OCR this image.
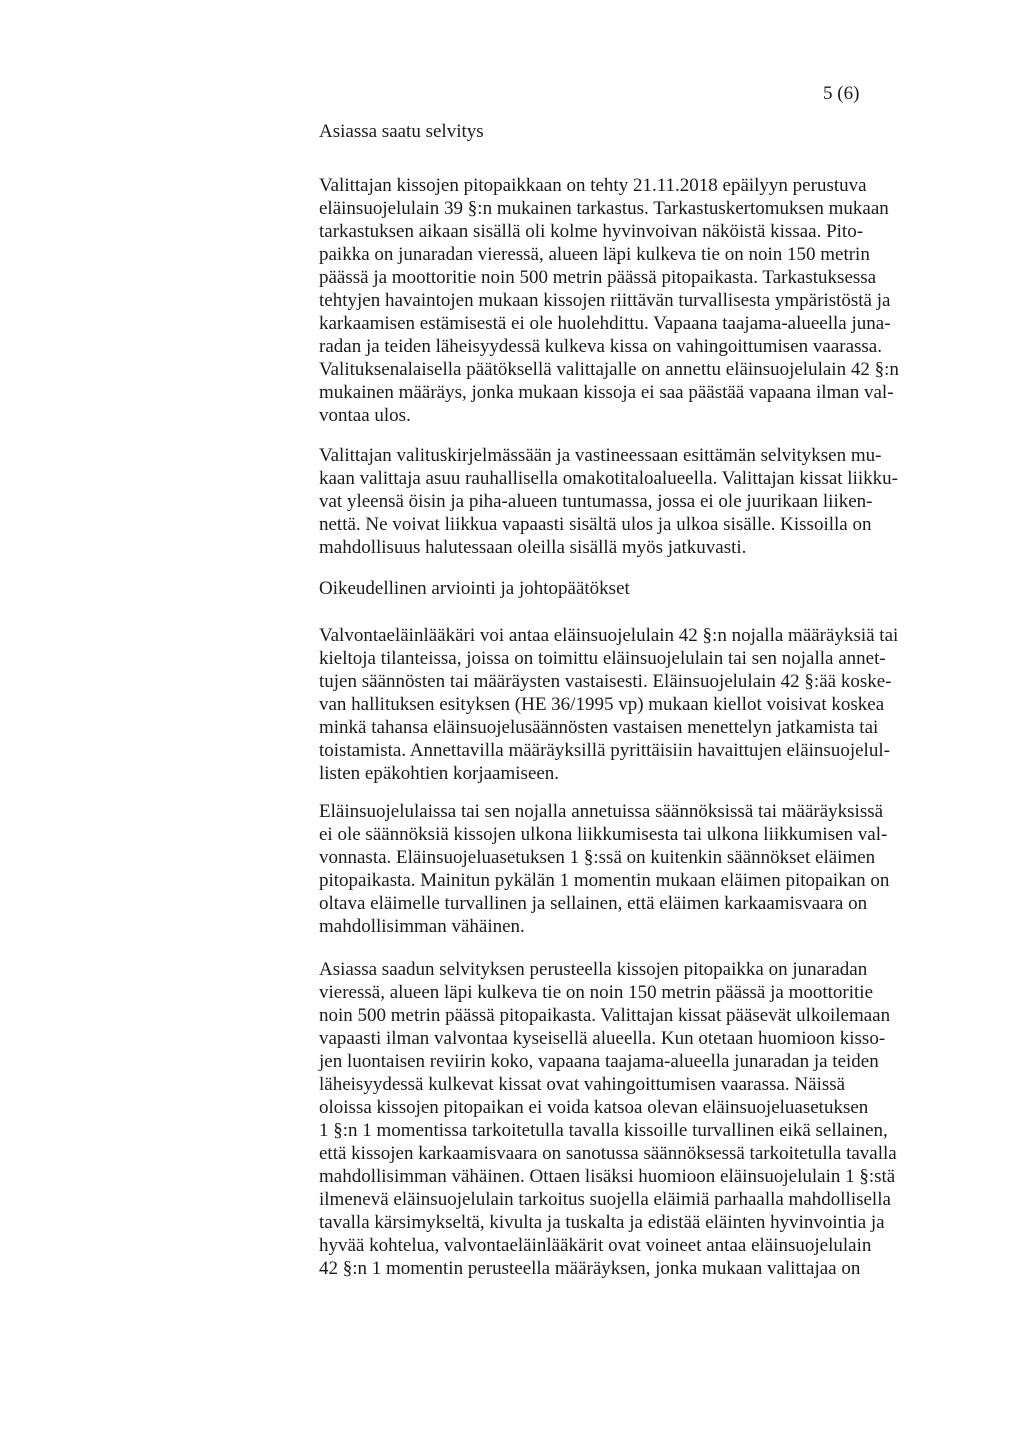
5 (6)
Asiassa saatu selvitys
Valittajan kissojen pitopaikkaan on tehty 21.11.2018 epäilyyn perustuva
eläinsuojelulain 39 §:n mukainen tarkastus. Tarkastuskertomuksen mukaan
tarkastuksen aikaan sisällä oli kolme hyvinvoivan näköistä kissaa. Pito-
paikka on junaradan vieressä, alueen läpi kulkeva tie on noin 150 metrin
päässä ja moottoritie noin 500 metrin päässä pitopaikasta. Tarkastuksessa
tehtyjen havaintojen mukaan kissojen riittävän turvallisesta ympäristöstä ja
karkaamisen estämisestä ei ole huolehdittu. Vapaana taajama-alueella juna-
radan ja teiden läheisyydessä kulkeva kissa on vahingoittumisen vaarassa.
Valituksenalaisella päätöksellä valittajalle on annettu eläinsuojelulain 42 §:n
mukainen määräys, jonka mukaan kissoja ei saa päästää vapaana ilman val-
vontaa ulos.
Valittajan valituskirjelmässään ja vastineessaan esittämän selvityksen mu-
kaan valittaja asuu rauhallisella omakotitaloalueella. Valittajan kissat liikku-
vat yleensä öisin ja piha-alueen tuntumassa, jossa ei ole juurikaan liiken-
nettä. Ne voivat liikkua vapaasti sisältä ulos ja ulkoa sisälle. Kissoilla on
mahdollisuus halutessaan oleilla sisällä myös jatkuvasti.
Oikeudellinen arviointi ja johtopäätökset
Valvontaeläinlääkäri voi antaa eläinsuojelulain 42 §:n nojalla määräyksiä tai
kieltoja tilanteissa, joissa on toimittu eläinsuojelulain tai sen nojalla annet-
tujen säännösten tai määräysten vastaisesti. Eläinsuojelulain 42 §:ää koske-
van hallituksen esityksen (HE 36/1995 vp) mukaan kiellot voisivat koskea
minkä tahansa eläinsuojelusäännösten vastaisen menettelyn jatkamista tai
toistamista. Annettavilla määräyksillä pyrittäisiin havaittujen eläinsuojelul-
listen epäkohtien korjaamiseen.
Eläinsuojelulaissa tai sen nojalla annetuissa säännöksissä tai määräyksissä
ei ole säännöksiä kissojen ulkona liikkumisesta tai ulkona liikkumisen val-
vonnasta. Eläinsuojeluasetuksen 1 §:ssä on kuitenkin säännökset eläimen
pitopaikasta. Mainitun pykälän 1 momentin mukaan eläimen pitopaikan on
oltava eläimelle turvallinen ja sellainen, että eläimen karkaamisvaara on
mahdollisimman vähäinen.
Asiassa saadun selvityksen perusteella kissojen pitopaikka on junaradan
vieressä, alueen läpi kulkeva tie on noin 150 metrin päässä ja moottoritie
noin 500 metrin päässä pitopaikasta. Valittajan kissat pääsevät ulkoilemaan
vapaasti ilman valvontaa kyseisellä alueella. Kun otetaan huomioon kisso-
jen luontaisen reviirin koko, vapaana taajama-alueella junaradan ja teiden
läheisyydessä kulkevat kissat ovat vahingoittumisen vaarassa. Näissä
oloissa kissojen pitopaikan ei voida katsoa olevan eläinsuojeluasetuksen
1 §:n 1 momentissa tarkoitetulla tavalla kissoille turvallinen eikä sellainen,
että kissojen karkaamisvaara on sanotussa säännöksessä tarkoitetulla tavalla
mahdollisimman vähäinen. Ottaen lisäksi huomioon eläinsuojelulain 1 §:stä
ilmenevä eläinsuojelulain tarkoitus suojella eläimiä parhaalla mahdollisella
tavalla kärsimykseltä, kivulta ja tuskalta ja edistää eläinten hyvinvointia ja
hyvää kohtelua, valvontaeläinlääkärit ovat voineet antaa eläinsuojelulain
42 §:n 1 momentin perusteella määräyksen, jonka mukaan valittajaa on
